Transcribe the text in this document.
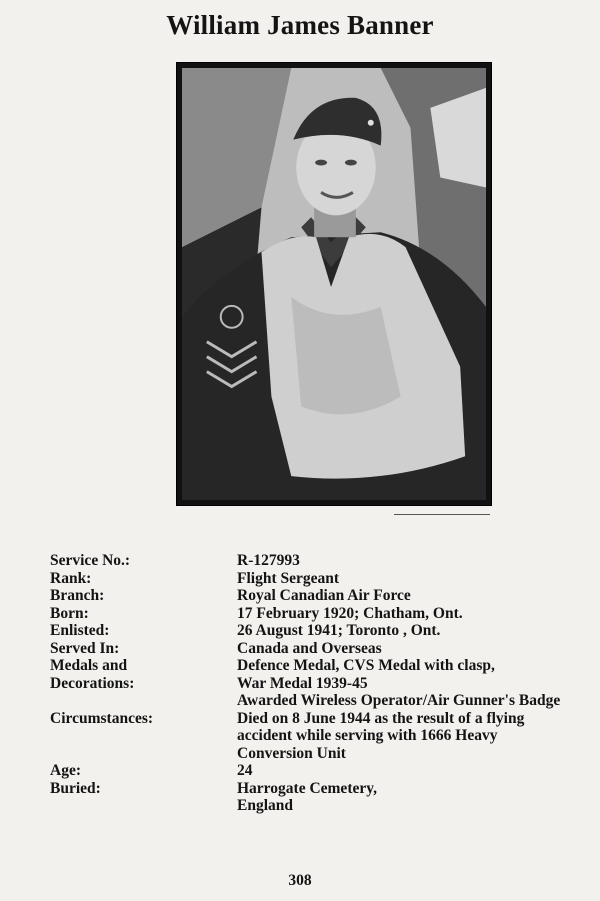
William James Banner
Service No.:	R-127993
Rank:	Flight Sergeant
Branch:	Royal Canadian Air Force
Born:	17 February 1920; Chatham, Ont.
Enlisted:	26 August 1941; Toronto , Ont.
Served In:	Canada and Overseas
Medals and	Defence Medal, CVS Medal with clasp,
Decorations:	War Medal 1939-45
Awarded Wireless Operator/Air Gunner's Badge
Circumstances:	Died on 8 June 1944 as the result of a flying accident while serving with 1666 Heavy Conversion Unit
Age:	24
Buried:	Harrogate Cemetery, England
308
